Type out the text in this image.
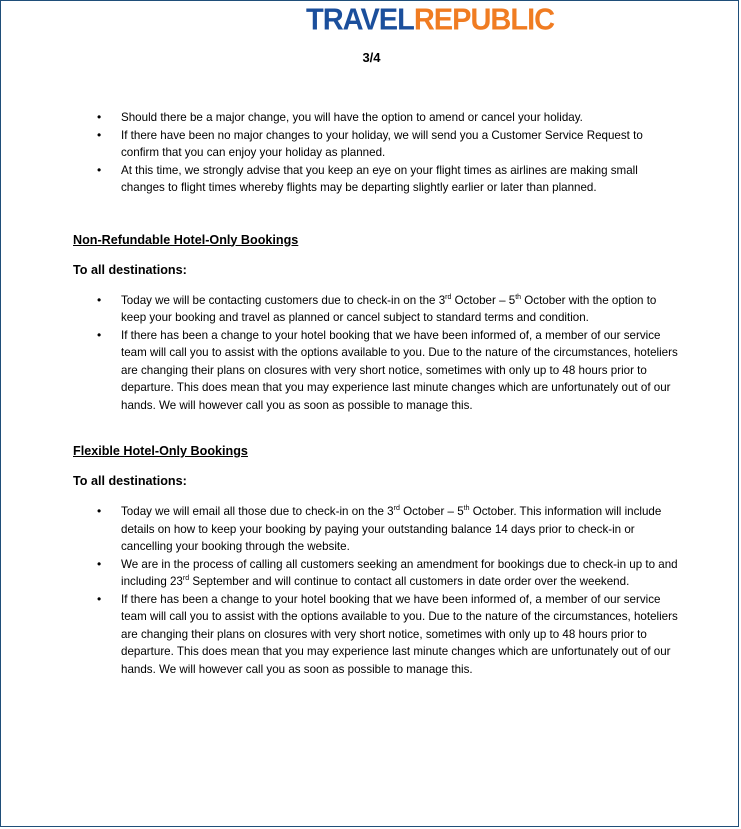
TRAVELREPUBLIC
3/4
• Should there be a major change, you will have the option to amend or cancel your holiday.
• If there have been no major changes to your holiday, we will send you a Customer Service Request to confirm that you can enjoy your holiday as planned.
• At this time, we strongly advise that you keep an eye on your flight times as airlines are making small changes to flight times whereby flights may be departing slightly earlier or later than planned.
Non-Refundable Hotel-Only Bookings
To all destinations:
• Today we will be contacting customers due to check-in on the 3rd October – 5th October with the option to keep your booking and travel as planned or cancel subject to standard terms and condition.
• If there has been a change to your hotel booking that we have been informed of, a member of our service team will call you to assist with the options available to you. Due to the nature of the circumstances, hoteliers are changing their plans on closures with very short notice, sometimes with only up to 48 hours prior to departure. This does mean that you may experience last minute changes which are unfortunately out of our hands. We will however call you as soon as possible to manage this.
Flexible Hotel-Only Bookings
To all destinations:
• Today we will email all those due to check-in on the 3rd October – 5th October. This information will include details on how to keep your booking by paying your outstanding balance 14 days prior to check-in or cancelling your booking through the website.
• We are in the process of calling all customers seeking an amendment for bookings due to check-in up to and including 23rd September and will continue to contact all customers in date order over the weekend.
• If there has been a change to your hotel booking that we have been informed of, a member of our service team will call you to assist with the options available to you. Due to the nature of the circumstances, hoteliers are changing their plans on closures with very short notice, sometimes with only up to 48 hours prior to departure. This does mean that you may experience last minute changes which are unfortunately out of our hands. We will however call you as soon as possible to manage this.
